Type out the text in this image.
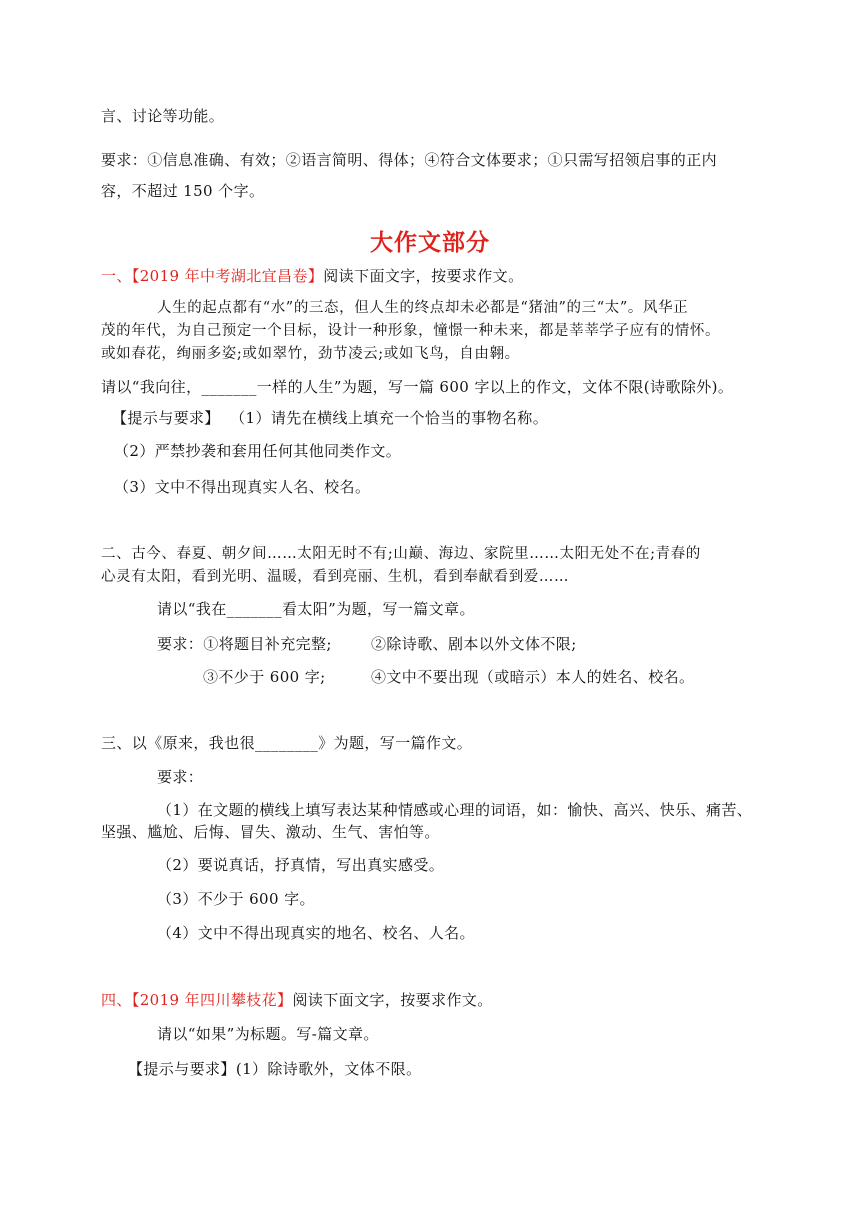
言、讨论等功能。
要求：①信息准确、有效；②语言简明、得体；④符合文体要求；①只需写招领启事的正内
容，不超过 150 个字。
大作文部分
一、【2019 年中考湖北宜昌卷】阅读下面文字，按要求作文。
人生的起点都有“水”的三态，但人生的终点却未必都是“猪油”的三“太”。风华正
茂的年代，为自己预定一个目标，设计一种形象，憧憬一种未来，都是莘莘学子应有的情怀。
或如春花，绚丽多姿;或如翠竹，劲节凌云;或如飞鸟，自由翱。
请以“我向往，_______一样的人生”为题，写一篇 600 字以上的作文，文体不限(诗歌除外)。
【提示与要求】 （1）请先在横线上填充一个恰当的事物名称。
（2）严禁抄袭和套用任何其他同类作文。
（3）文中不得出现真实人名、校名。
二、古今、春夏、朝夕间……太阳无时不有;山巅、海边、家院里……太阳无处不在;青春的
心灵有太阳，看到光明、温暖，看到亮丽、生机，看到奉献看到爱……
请以“我在_______看太阳”为题，写一篇文章。
要求：①将题目补充完整;	②除诗歌、剧本以外文体不限;
③不少于 600 字;	④文中不要出现（或暗示）本人的姓名、校名。
三、以《原来，我也很________》为题，写一篇作文。
要求：
（1）在文题的横线上填写表达某种情感或心理的词语，如：愉快、高兴、快乐、痛苦、
坚强、尴尬、后悔、冒失、激动、生气、害怕等。
（2）要说真话，抒真情，写出真实感受。
（3）不少于 600 字。
（4）文中不得出现真实的地名、校名、人名。
四、【2019 年四川攀枝花】阅读下面文字，按要求作文。
请以“如果”为标题。写-篇文章。
【提示与要求】(1）除诗歌外，文体不限。
